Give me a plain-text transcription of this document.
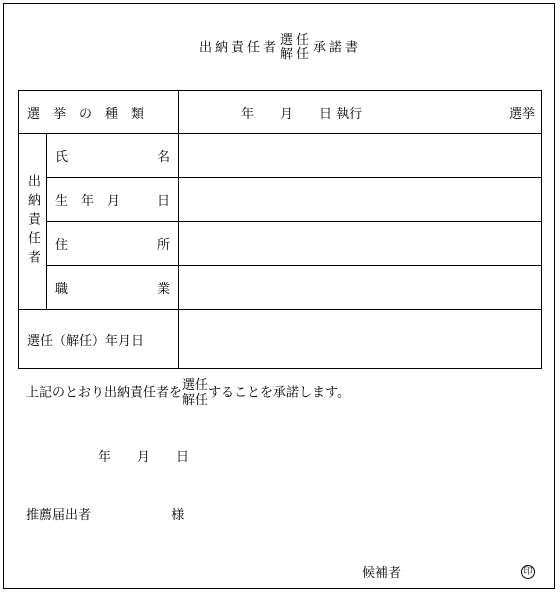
出納責任者 選任
解任 承諾書
選　挙　の　種　類		年　　月　　日 執行 選挙

出納責任者	氏 名	

	生　年　月 日	

	住 所	

	職 業	

選任（解任）年月日		
上記のとおり出納責任者を 選任
解任 することを承諾します。
年　　月　　日
推薦届出者	様
候補者	印
